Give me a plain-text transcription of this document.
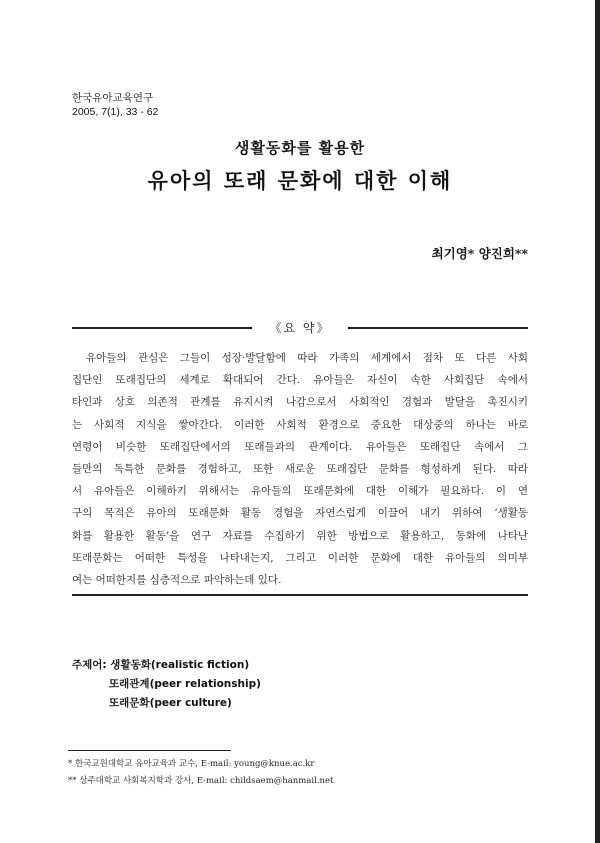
한국유아교육연구
2005, 7(1), 33 - 62
생활동화를 활용한
유아의 또래 문화에 대한 이해
최기영* 양진희**
《요 약》
유아들의 관심은 그들이 성장·발달함에 따라 가족의 세계에서 점차 또 다른 사회
집단인 또래집단의 세계로 확대되어 간다. 유아들은 자신이 속한 사회집단 속에서
타인과 상호 의존적 관계를 유지시켜 나감으로서 사회적인 경험과 발달을 촉진시키
는 사회적 지식을 쌓아간다. 이러한 사회적 환경으로 중요한 대상중의 하나는 바로
연령이 비슷한 또래집단에서의 또래들과의 관계이다. 유아들은 또래집단 속에서 그
들만의 독특한 문화를 경험하고, 또한 새로운 또래집단 문화를 형성하게 된다. 따라
서 유아들은 이해하기 위해서는 유아들의 또래문화에 대한 이해가 필요하다. 이 연
구의 목적은 유아의 또래문화 활동 경험을 자연스럽게 이끌어 내기 위하여 ‘생활동
화를 활용한 활동’을 연구 자료를 수집하기 위한 방법으로 활용하고, 동화에 나타난
또래문화는 어떠한 특성을 나타내는지, 그리고 이러한 문화에 대한 유아들의 의미부
여는 어떠한지를 심층적으로 파악하는데 있다.
주제어: 생활동화(realistic fiction)
또래관계(peer relationship)
또래문화(peer culture)
* 한국교원대학교 유아교육과 교수, E-mail: young@knue.ac.kr
** 상주대학교 사회복지학과 강사, E-mail: childsaem@hanmail.net
